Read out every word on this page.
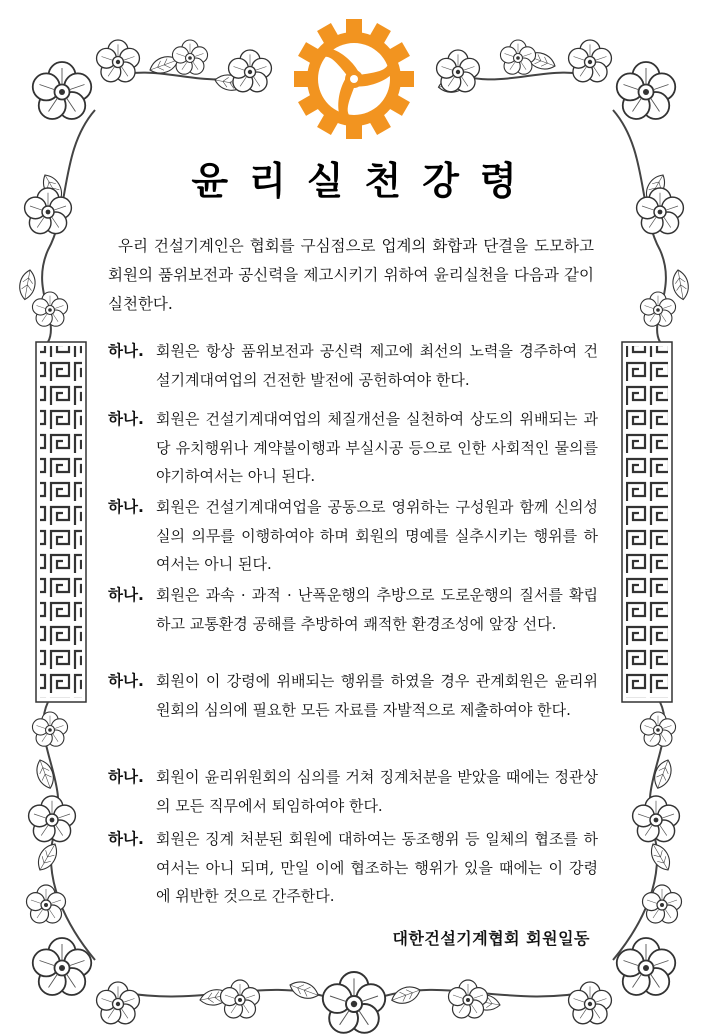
윤리실천강령

우리 건설기계인은 협회를 구심점으로 업계의 화합과 단결을 도모하고 회원의 품위보전과 공신력을 제고시키기 위하여 윤리실천을 다음과 같이 실천한다.

하나. 회원은 항상 품위보전과 공신력 제고에 최선의 노력을 경주하여 건설기계대여업의 건전한 발전에 공헌하여야 한다.
하나. 회원은 건설기계대여업의 체질개선을 실천하여 상도의 위배되는 과당 유치행위나 계약불이행과 부실시공 등으로 인한 사회적인 물의를 야기하여서는 아니 된다.
하나. 회원은 건설기계대여업을 공동으로 영위하는 구성원과 함께 신의성실의 의무를 이행하여야 하며 회원의 명예를 실추시키는 행위를 하여서는 아니 된다.
하나. 회원은 과속 · 과적 · 난폭운행의 추방으로 도로운행의 질서를 확립하고 교통환경 공해를 추방하여 쾌적한 환경조성에 앞장 선다.
하나. 회원이 이 강령에 위배되는 행위를 하였을 경우 관계회원은 윤리위원회의 심의에 필요한 모든 자료를 자발적으로 제출하여야 한다.
하나. 회원이 윤리위원회의 심의를 거쳐 징계처분을 받았을 때에는 정관상의 모든 직무에서 퇴임하여야 한다.
하나. 회원은 징계 처분된 회원에 대하여는 동조행위 등 일체의 협조를 하여서는 아니 되며, 만일 이에 협조하는 행위가 있을 때에는 이 강령에 위반한 것으로 간주한다.
대한건설기계협회 회원일동
